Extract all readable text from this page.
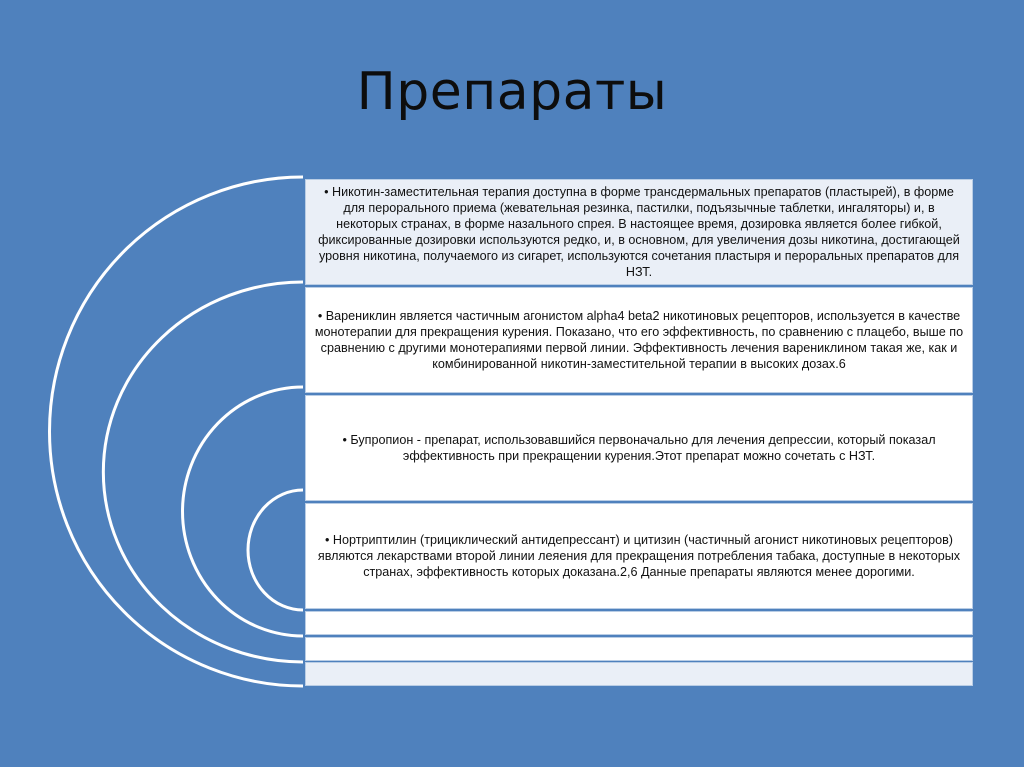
Препараты

• Никотин-заместительная терапия доступна в форме трансдермальных препаратов (пластырей), в форме для перорального приема (жевательная резинка, пастилки, подъязычные таблетки, ингаляторы) и, в некоторых странах, в форме назального спрея. В настоящее время, дозировка является более гибкой, фиксированные дозировки используются редко, и, в основном, для увеличения дозы никотина, достигающей уровня никотина, получаемого из сигарет, используются сочетания пластыря и пероральных препаратов для НЗТ.

• Варениклин является частичным агонистом alpha4 beta2 никотиновых рецепторов, используется в качестве монотерапии для прекращения курения. Показано, что его эффективность, по сравнению с плацебо, выше по сравнению с другими монотерапиями первой линии. Эффективность лечения варениклином такая же, как и комбинированной никотин-заместительной терапии в высоких дозах.6

• Бупропион - препарат, использовавшийся первоначально для лечения депрессии, который показал эффективность при прекращении курения.Этот препарат можно сочетать с НЗТ.

• Нортриптилин (трициклический антидепрессант) и цитизин (частичный агонист никотиновых рецепторов) являются лекарствами второй линии леяения для прекращения потребления табака, доступные в некоторых странах, эффективность которых доказана.2,6 Данные препараты являются менее дорогими.
